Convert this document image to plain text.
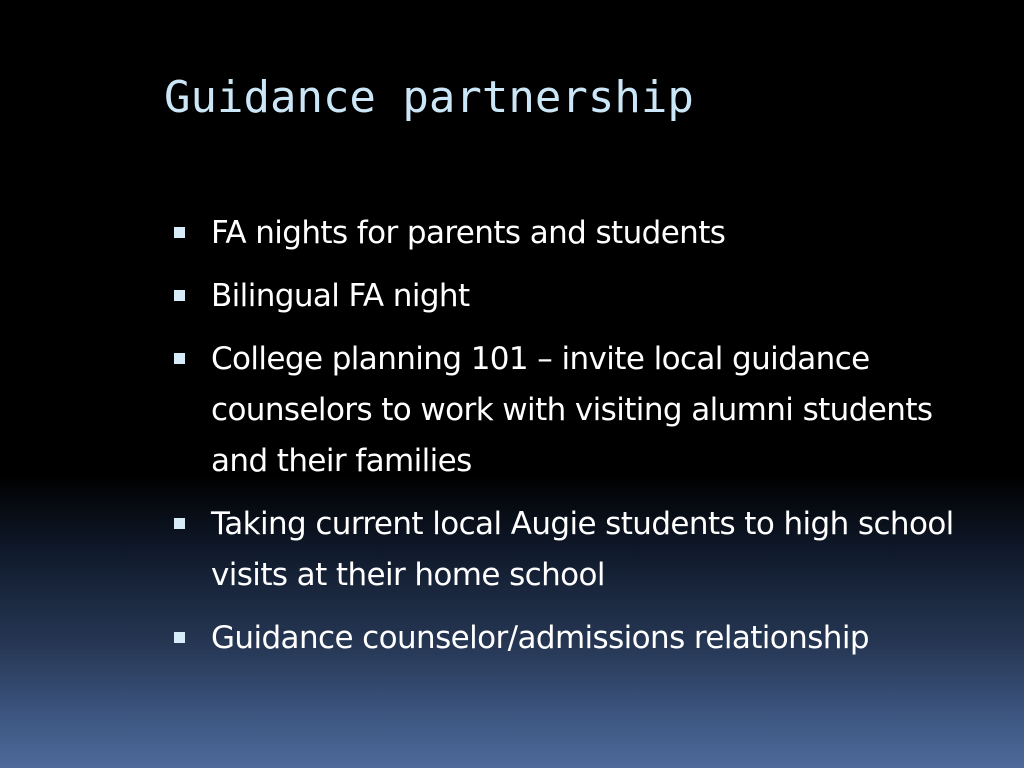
Guidance partnership
FA nights for parents and students
Bilingual FA night
College planning 101 – invite local guidance counselors to work with visiting alumni students and their families
Taking current local Augie students to high school visits at their home school
Guidance counselor/admissions relationship
